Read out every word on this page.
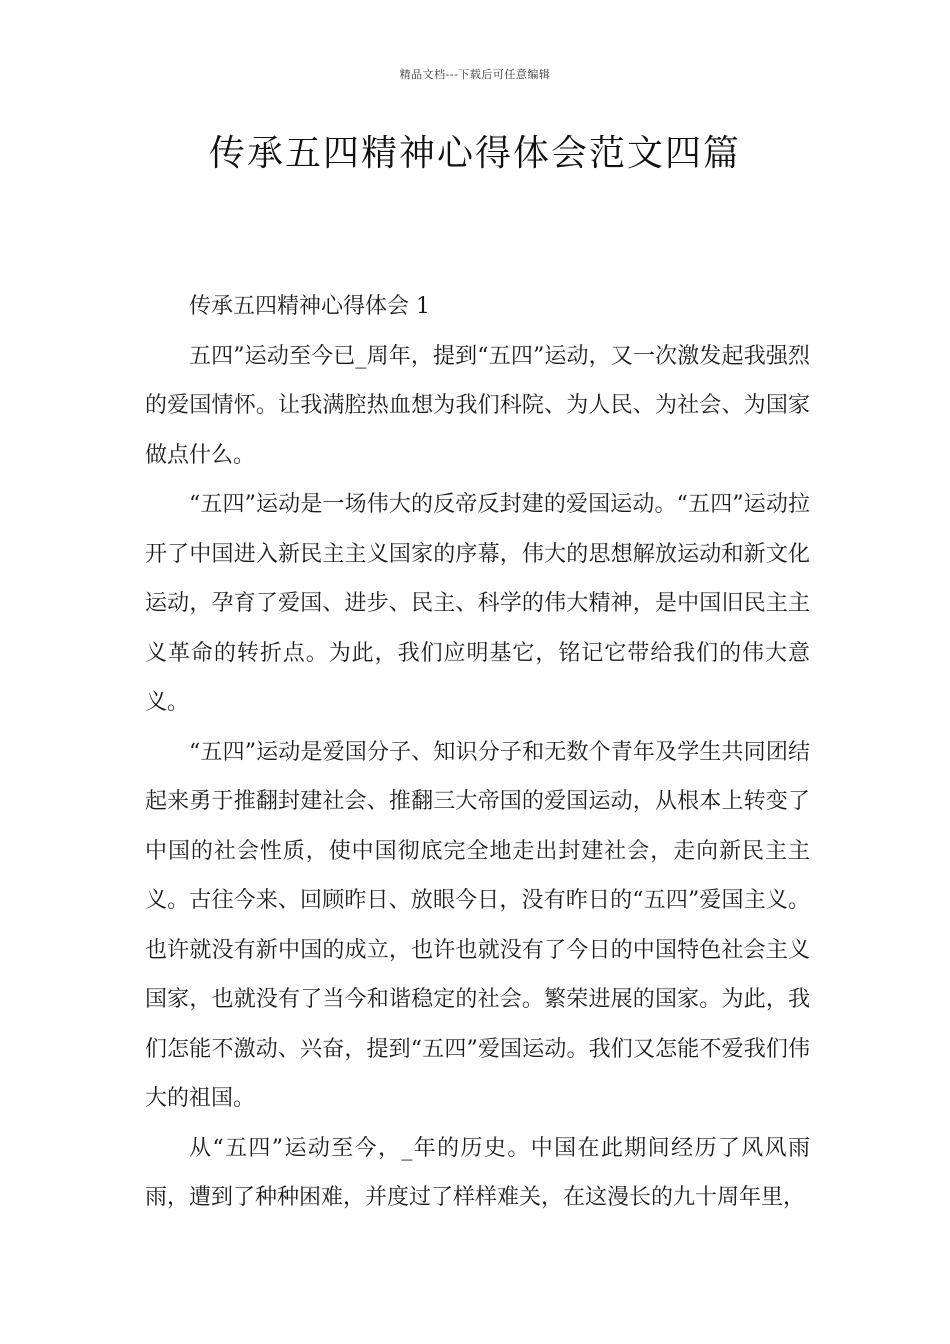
精品文档---下载后可任意编辑
传承五四精神心得体会范文四篇

传承五四精神心得体会 1

五四”运动至今已_周年，提到“五四”运动，又一次激发起我强烈的爱国情怀。让我满腔热血想为我们科院、为人民、为社会、为国家做点什么。

“五四”运动是一场伟大的反帝反封建的爱国运动。“五四”运动拉开了中国进入新民主主义国家的序幕，伟大的思想解放运动和新文化运动，孕育了爱国、进步、民主、科学的伟大精神，是中国旧民主主义革命的转折点。为此，我们应明基它，铭记它带给我们的伟大意义。

“五四”运动是爱国分子、知识分子和无数个青年及学生共同团结起来勇于推翻封建社会、推翻三大帝国的爱国运动，从根本上转变了中国的社会性质，使中国彻底完全地走出封建社会，走向新民主主义。古往今来、回顾昨日、放眼今日，没有昨日的“五四”爱国主义。也许就没有新中国的成立，也许也就没有了今日的中国特色社会主义国家，也就没有了当今和谐稳定的社会。繁荣进展的国家。为此，我们怎能不激动、兴奋，提到“五四”爱国运动。我们又怎能不爱我们伟大的祖国。

从“五四”运动至今，_年的历史。中国在此期间经历了风风雨雨，遭到了种种困难，并度过了样样难关，在这漫长的九十周年里，
